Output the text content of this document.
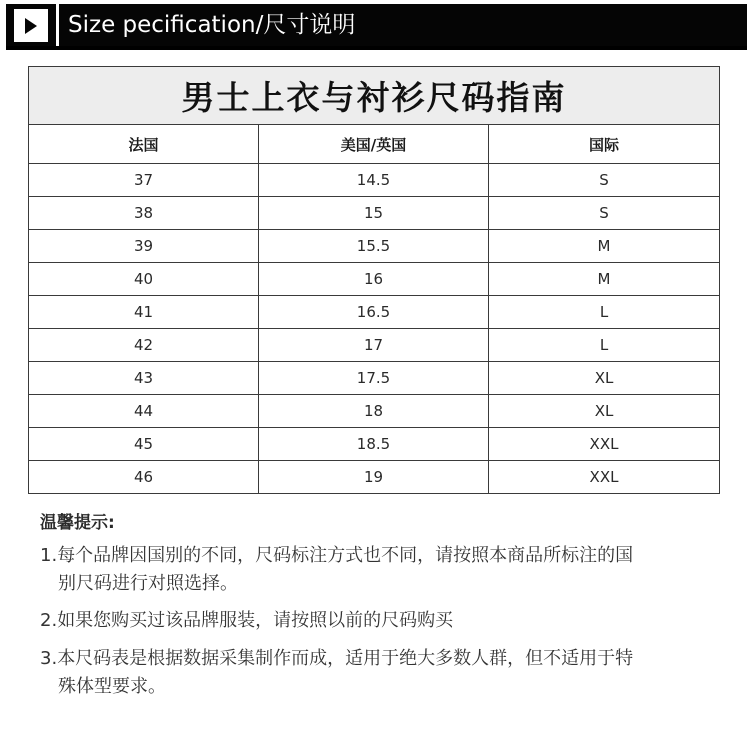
Size pecification/尺寸说明
男士上衣与衬衫尺码指南		
法国	美国/英国	国际
37	14.5	S
38	15	S
39	15.5	M
40	16	M
41	16.5	L
42	17	L
43	17.5	XL
44	18	XL
45	18.5	XXL
46	19	XXL
温馨提示:
1.每个品牌因国别的不同，尺码标注方式也不同，请按照本商品所标注的国
别尺码进行对照选择。
2.如果您购买过该品牌服装，请按照以前的尺码购买
3.本尺码表是根据数据采集制作而成，适用于绝大多数人群，但不适用于特
殊体型要求。
